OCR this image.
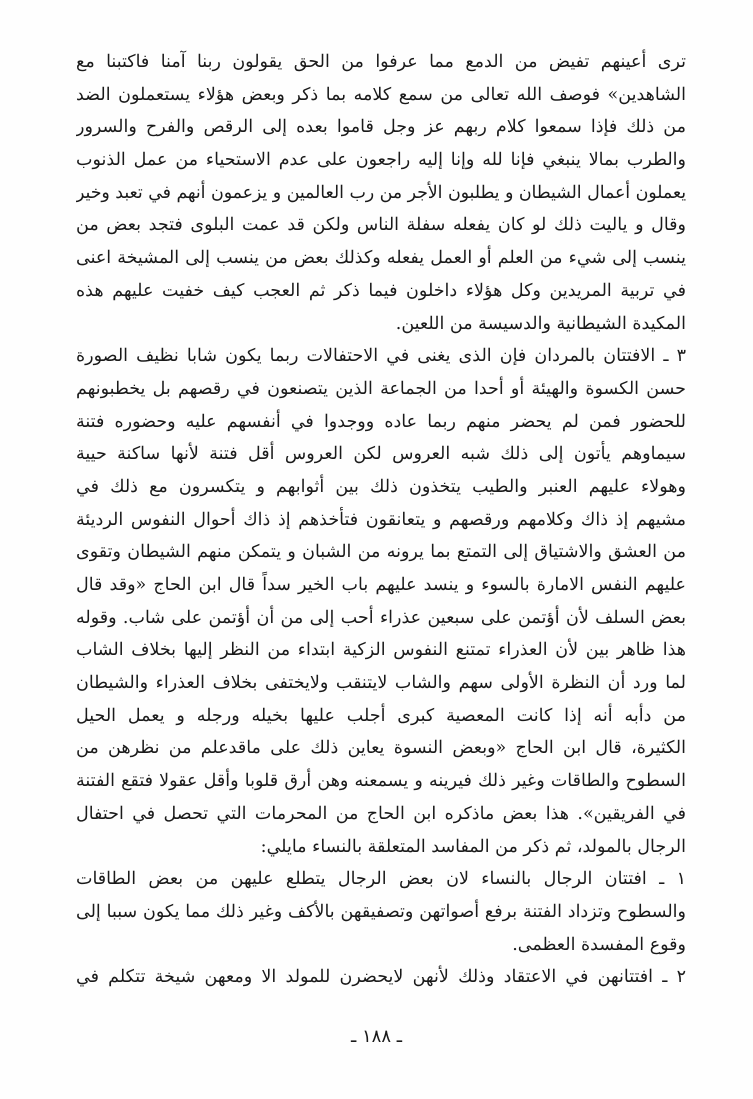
ترى أعينهم تفيض من الدمع مما عرفوا من الحق يقولون ربنا آمنا فاكتبنا مع
الشاهدين» فوصف الله تعالى من سمع كلامه بما ذكر وبعض هؤلاء يستعملون الضد
من ذلك فإذا سمعوا كلام ربهم عز وجل قاموا بعده إلى الرقص والفرح والسرور
والطرب بمالا ينبغي فإنا لله وإنا إليه راجعون على عدم الاستحياء من عمل الذنوب
يعملون أعمال الشيطان و يطلبون الأجر من رب العالمين و يزعمون أنهم في تعبد وخير
وقال و ياليت ذلك لو كان يفعله سفلة الناس ولكن قد عمت البلوى فتجد بعض من
ينسب إلى شيء من العلم أو العمل يفعله وكذلك بعض من ينسب إلى المشيخة اعنى
في تربية المريدين وكل هؤلاء داخلون فيما ذكر ثم العجب كيف خفيت عليهم هذه
المكيدة الشيطانية والدسيسة من اللعين.
٣ ـ الافتتان بالمردان فإن الذى يغنى في الاحتفالات ربما يكون شابا نظيف الصورة
حسن الكسوة والهيئة أو أحدا من الجماعة الذين يتصنعون في رقصهم بل يخطبونهم
للحضور فمن لم يحضر منهم ربما عاده ووجدوا في أنفسهم عليه وحضوره فتنة
سيماوهم يأتون إلى ذلك شبه العروس لكن العروس أقل فتنة لأنها ساكنة حيية
وهولاء عليهم العنبر والطيب يتخذون ذلك بين أثوابهم و يتكسرون مع ذلك في
مشيهم إذ ذاك وكلامهم ورقصهم و يتعانقون فتأخذهم إذ ذاك أحوال النفوس الرديئة
من العشق والاشتياق إلى التمتع بما يرونه من الشبان و يتمكن منهم الشيطان وتقوى
عليهم النفس الامارة بالسوء و ينسد عليهم باب الخير سداً قال ابن الحاج «وقد قال
بعض السلف لأن أؤتمن على سبعين عذراء أحب إلى من أن أؤتمن على شاب. وقوله
هذا ظاهر بين لأن العذراء تمتنع النفوس الزكية ابتداء من النظر إليها بخلاف الشاب
لما ورد أن النظرة الأولى سهم والشاب لايتنقب ولايختفى بخلاف العذراء والشيطان
من دأبه أنه إذا كانت المعصية كبرى أجلب عليها بخيله ورجله و يعمل الحيل
الكثيرة، قال ابن الحاج «وبعض النسوة يعاين ذلك على ماقدعلم من نظرهن من
السطوح والطاقات وغير ذلك فيرينه و يسمعنه وهن أرق قلوبا وأقل عقولا فتقع الفتنة
في الفريقين». هذا بعض ماذكره ابن الحاج من المحرمات التي تحصل في احتفال
الرجال بالمولد، ثم ذكر من المفاسد المتعلقة بالنساء مايلي:
١ ـ افتتان الرجال بالنساء لان بعض الرجال يتطلع عليهن من بعض الطاقات
والسطوح وتزداد الفتنة برفع أصواتهن وتصفيقهن بالأكف وغير ذلك مما يكون سببا إلى
وقوع المفسدة العظمى.
٢ ـ افتتانهن في الاعتقاد وذلك لأنهن لايحضرن للمولد الا ومعهن شيخة تتكلم في
ـ ١٨٨ ـ
